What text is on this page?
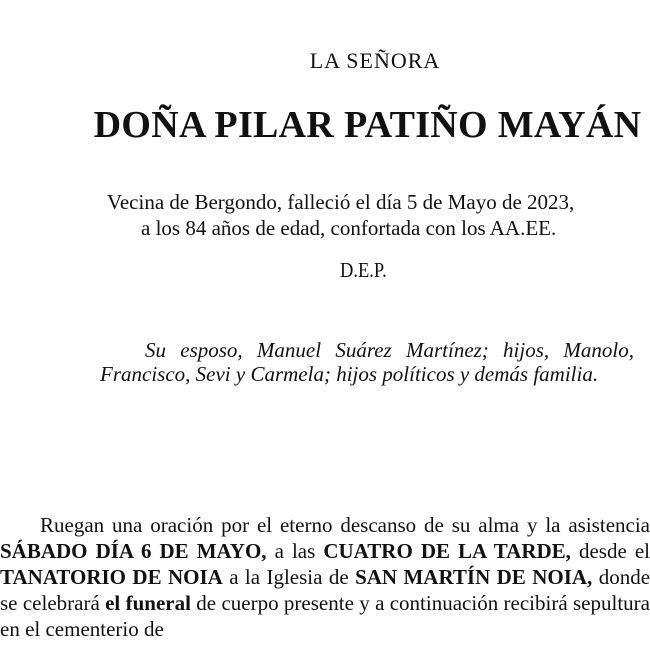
LA SEÑORA
DOÑA PILAR PATIÑO MAYÁN
Vecina de Bergondo, falleció el día 5 de Mayo de 2023,
a los 84 años de edad, confortada con los AA.EE.
D.E.P.
Su esposo, Manuel Suárez Martínez; hijos, Manolo, Francisco, Sevi y Carmela; hijos políticos y demás familia.
Ruegan una oración por el eterno descanso de su alma y la asistencia SÁBADO DÍA 6 DE MAYO, a las CUATRO DE LA TARDE, desde el TANATORIO DE NOIA a la Iglesia de SAN MARTÍN DE NOIA, donde se celebrará el funeral de cuerpo presente y a continuación recibirá sepultura en el cementerio de
